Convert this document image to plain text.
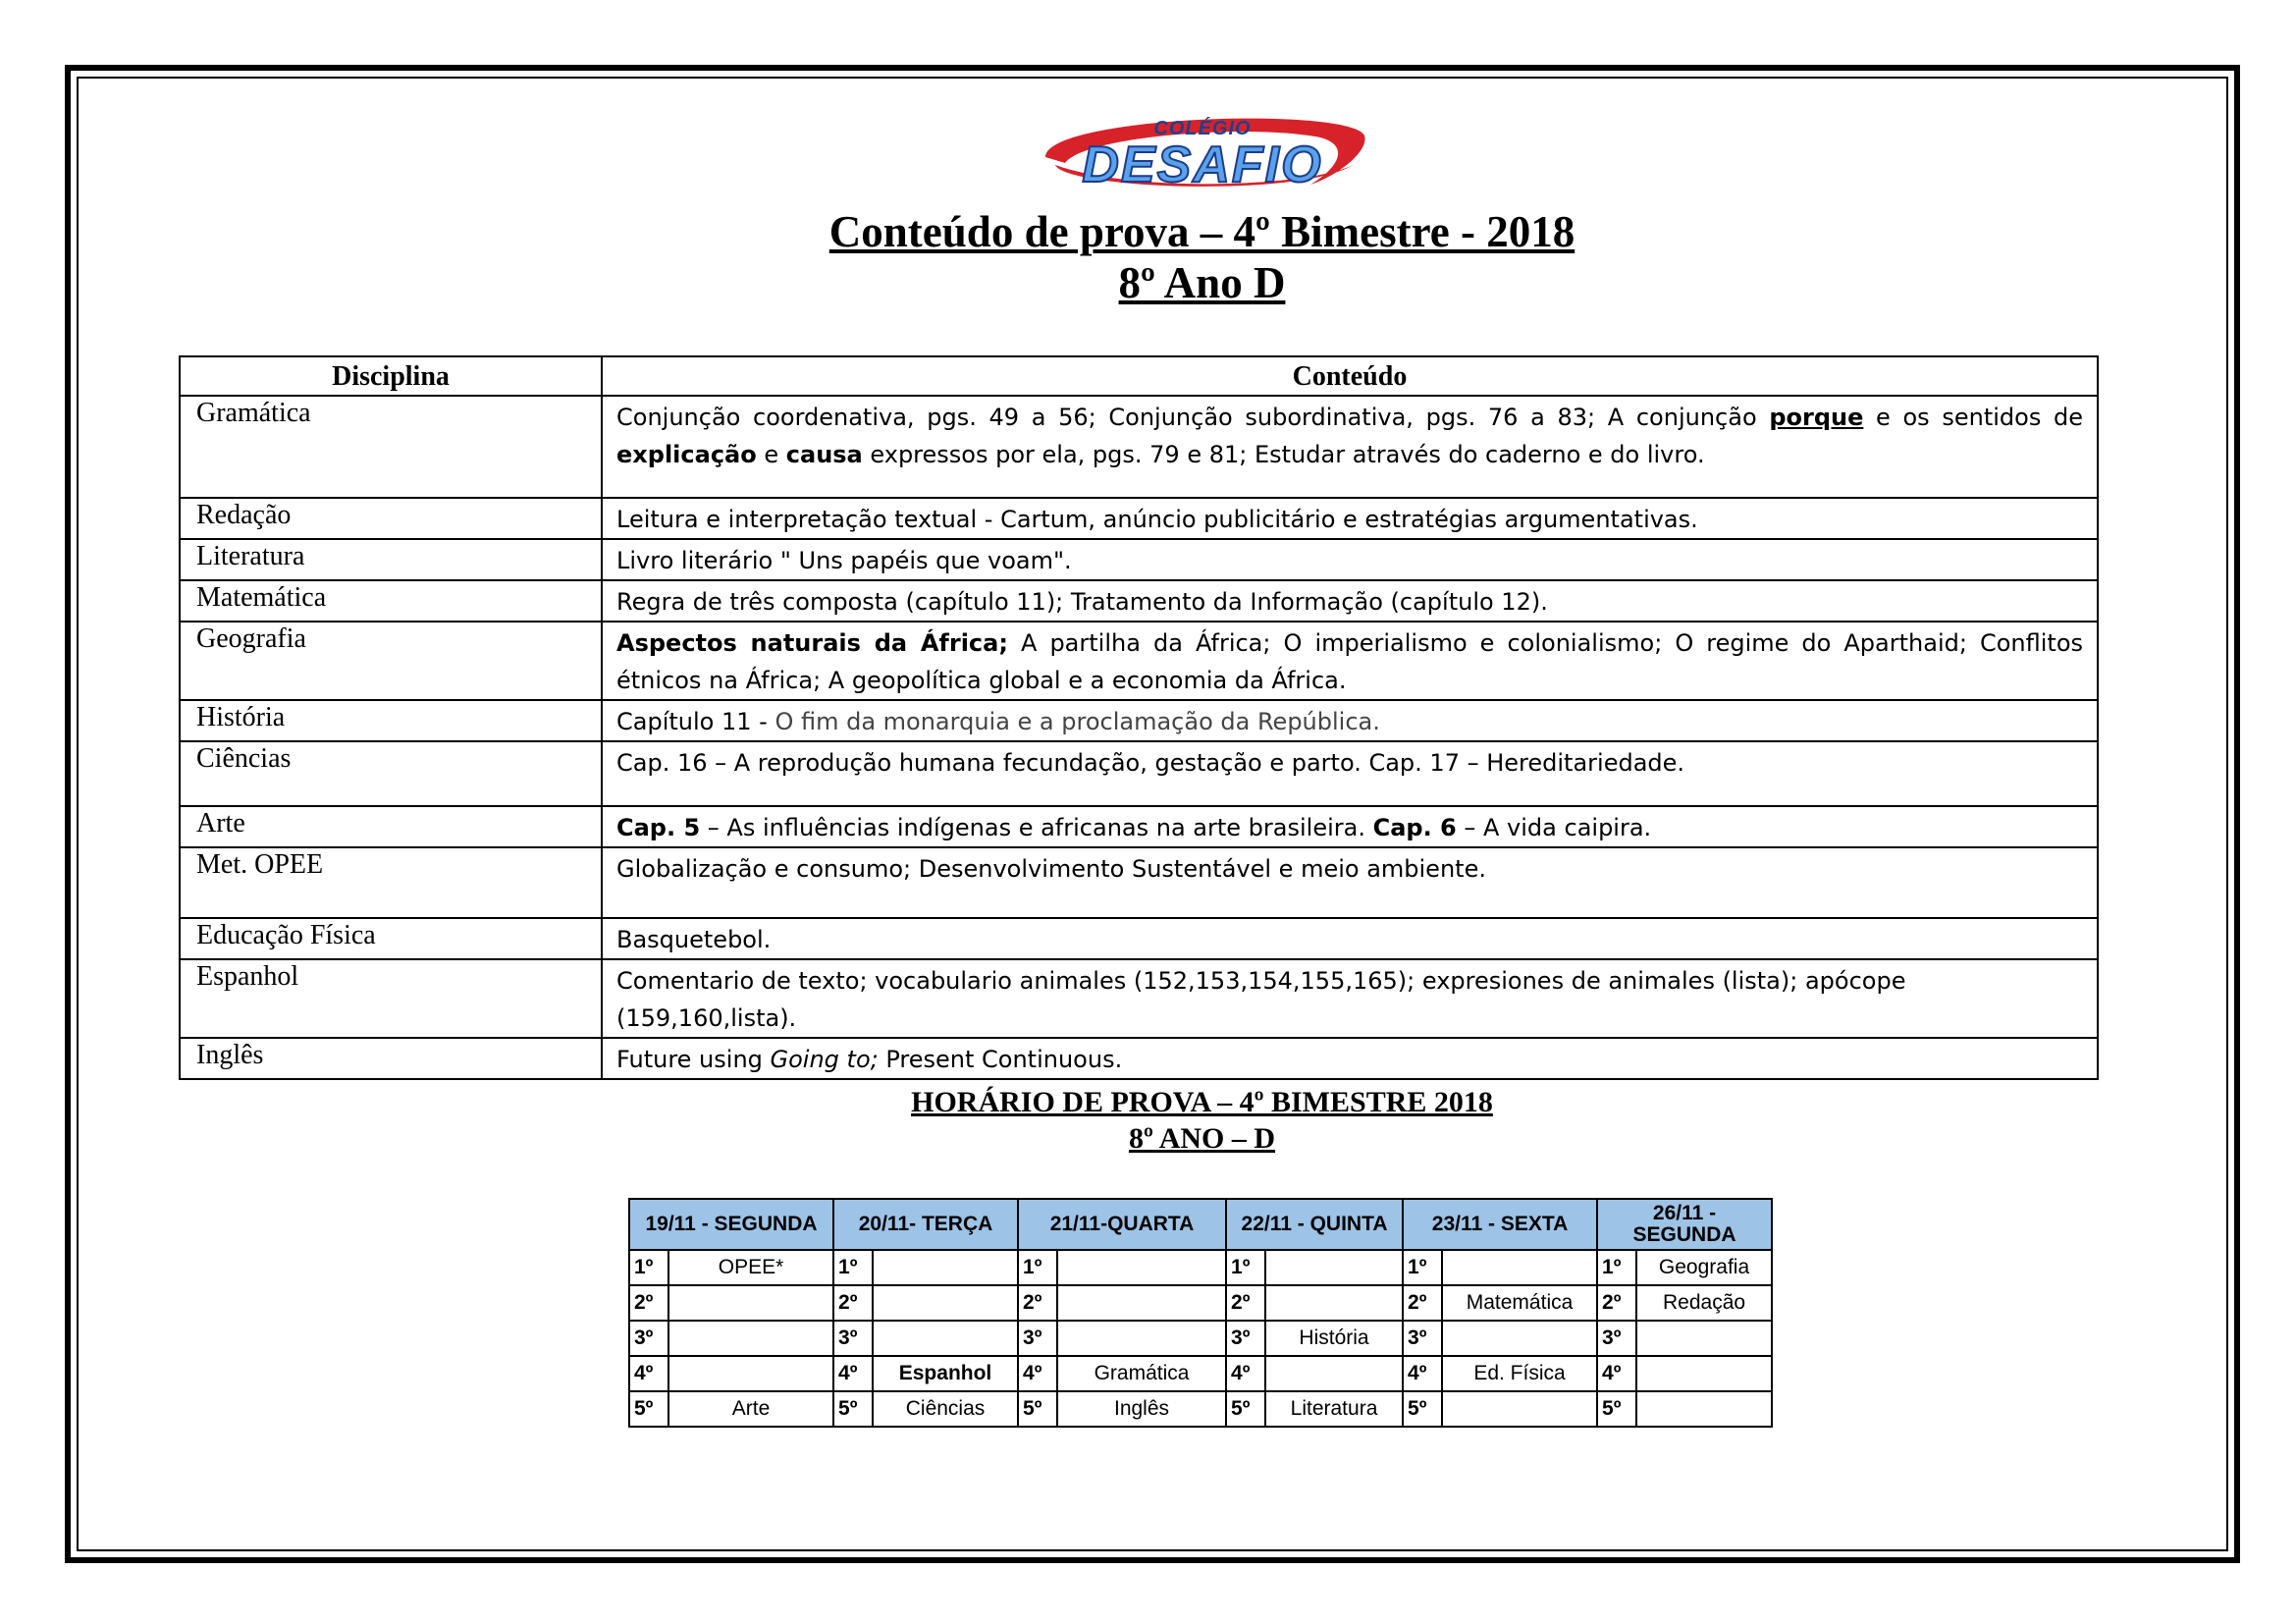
COLÉGIO
DESAFIO
Conteúdo de prova – 4º Bimestre - 2018
8º Ano D
Disciplina	Conteúdo
Gramática	Conjunção coordenativa, pgs. 49 a 56; Conjunção subordinativa, pgs. 76 a 83; A conjunção porque e os sentidos de explicação e causa expressos por ela, pgs. 79 e 81; Estudar através do caderno e do livro.
Redação	Leitura e interpretação textual - Cartum, anúncio publicitário e estratégias argumentativas.
Literatura	Livro literário " Uns papéis que voam".
Matemática	Regra de três composta (capítulo 11); Tratamento da Informação (capítulo 12).
Geografia	Aspectos naturais da África; A partilha da África; O imperialismo e colonialismo; O regime do Aparthaid; Conflitos étnicos na África; A geopolítica global e a economia da África.
História	Capítulo 11 - O fim da monarquia e a proclamação da República.
Ciências	Cap. 16 – A reprodução humana fecundação, gestação e parto. Cap. 17 – Hereditariedade.
Arte	Cap. 5 – As influências indígenas e africanas na arte brasileira. Cap. 6 – A vida caipira.
Met. OPEE	Globalização e consumo; Desenvolvimento Sustentável e meio ambiente.
Educação Física	Basquetebol.
Espanhol	Comentario de texto; vocabulario animales (152,153,154,155,165); expresiones de animales (lista); apócope (159,160,lista).
Inglês	Future using Going to; Present Continuous.
HORÁRIO DE PROVA – 4º BIMESTRE 2018
8º ANO – D
19/11 - SEGUNDA		20/11- TERÇA		21/11-QUARTA		22/11 - QUINTA		23/11 - SEXTA		26/11 - SEGUNDA	
1º	OPEE*	1º		1º		1º		1º		1º	Geografia
2º		2º		2º		2º		2º	Matemática	2º	Redação
3º		3º		3º		3º	História	3º		3º	
4º		4º	Espanhol	4º	Gramática	4º		4º	Ed. Física	4º	
5º	Arte	5º	Ciências	5º	Inglês	5º	Literatura	5º		5º	
